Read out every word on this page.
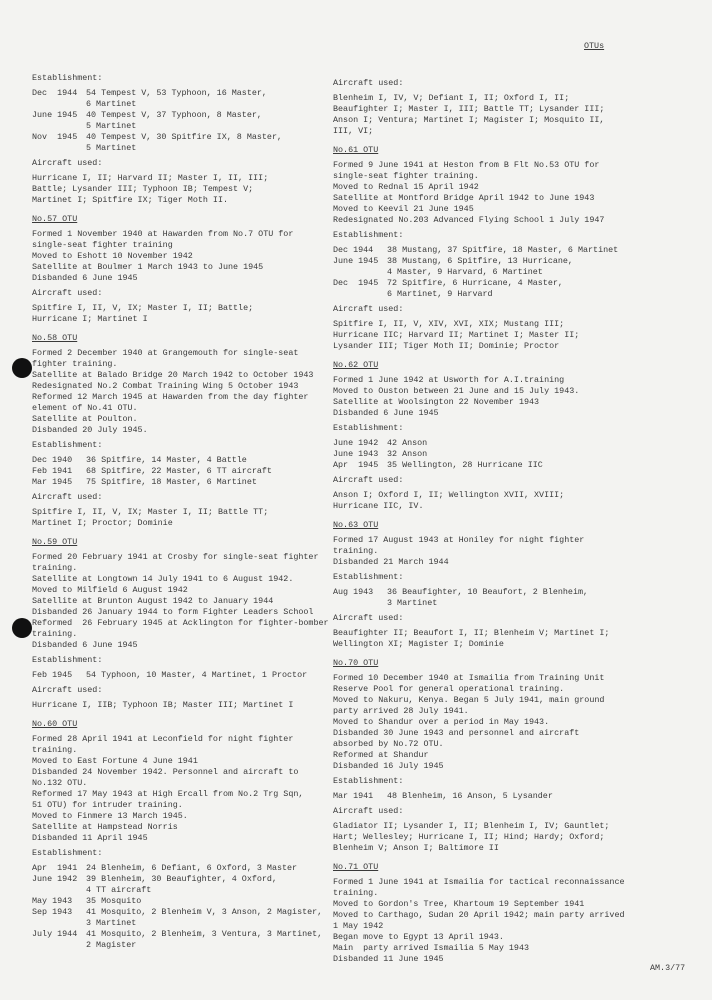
OTUs
Establishment:
Dec  1944	54 Tempest V, 53 Typhoon, 16 Master,
6 Martinet
June 1945	40 Tempest V, 37 Typhoon, 8 Master,
5 Martinet
Nov  1945	40 Tempest V, 30 Spitfire IX, 8 Master,
5 Martinet
Aircraft used:
Hurricane I, II; Harvard II; Master I, II, III;
Battle; Lysander III; Typhoon IB; Tempest V;
Martinet I; Spitfire IX; Tiger Moth II.
No.57 OTU
Formed 1 November 1940 at Hawarden from No.7 OTU for
single-seat fighter training
Moved to Eshott 10 November 1942
Satellite at Boulmer 1 March 1943 to June 1945
Disbanded 6 June 1945
Aircraft used:
Spitfire I, II, V, IX; Master I, II; Battle;
Hurricane I; Martinet I
No.58 OTU
Formed 2 December 1940 at Grangemouth for single-seat
fighter training.
Satellite at Balado Bridge 20 March 1942 to October 1943
Redesignated No.2 Combat Training Wing 5 October 1943
Reformed 12 March 1945 at Hawarden from the day fighter
element of No.41 OTU.
Satellite at Poulton.
Disbanded 20 July 1945.
Establishment:
Dec 1940	36 Spitfire, 14 Master, 4 Battle
Feb 1941	68 Spitfire, 22 Master, 6 TT aircraft
Mar 1945	75 Spitfire, 18 Master, 6 Martinet
Aircraft used:
Spitfire I, II, V, IX; Master I, II; Battle TT;
Martinet I; Proctor; Dominie
No.59 OTU
Formed 20 February 1941 at Crosby for single-seat fighter
training.
Satellite at Longtown 14 July 1941 to 6 August 1942.
Moved to Milfield 6 August 1942
Satellite at Brunton August 1942 to January 1944
Disbanded 26 January 1944 to form Fighter Leaders School
Reformed  26 February 1945 at Acklington for fighter-bomber
training.
Disbanded 6 June 1945
Establishment:
Feb 1945	54 Typhoon, 10 Master, 4 Martinet, 1 Proctor
Aircraft used:
Hurricane I, IIB; Typhoon IB; Master III; Martinet I
No.60 OTU
Formed 28 April 1941 at Leconfield for night fighter
training.
Moved to East Fortune 4 June 1941
Disbanded 24 November 1942. Personnel and aircraft to
No.132 OTU.
Reformed 17 May 1943 at High Ercall from No.2 Trg Sqn,
51 OTU) for intruder training.
Moved to Finmere 13 March 1945.
Satellite at Hampstead Norris
Disbanded 11 April 1945
Establishment:
Apr  1941	24 Blenheim, 6 Defiant, 6 Oxford, 3 Master
June 1942	39 Blenheim, 30 Beaufighter, 4 Oxford,
4 TT aircraft
May 1943	35 Mosquito
Sep 1943	41 Mosquito, 2 Blenheim V, 3 Anson, 2 Magister,
3 Martinet
July 1944	41 Mosquito, 2 Blenheim, 3 Ventura, 3 Martinet,
2 Magister
Aircraft used:
Blenheim I, IV, V; Defiant I, II; Oxford I, II;
Beaufighter I; Master I, III; Battle TT; Lysander III;
Anson I; Ventura; Martinet I; Magister I; Mosquito II,
III, VI;
No.61 OTU
Formed 9 June 1941 at Heston from B Flt No.53 OTU for
single-seat fighter training.
Moved to Rednal 15 April 1942
Satellite at Montford Bridge April 1942 to June 1943
Moved to Keevil 21 June 1945
Redesignated No.203 Advanced Flying School 1 July 1947
Establishment:
Dec 1944	38 Mustang, 37 Spitfire, 18 Master, 6 Martinet
June 1945	38 Mustang, 6 Spitfire, 13 Hurricane,
4 Master, 9 Harvard, 6 Martinet
Dec  1945	72 Spitfire, 6 Hurricane, 4 Master,
6 Martinet, 9 Harvard
Aircraft used:
Spitfire I, II, V, XIV, XVI, XIX; Mustang III;
Hurricane IIC; Harvard II; Martinet I; Master II;
Lysander III; Tiger Moth II; Dominie; Proctor
No.62 OTU
Formed 1 June 1942 at Usworth for A.I.training
Moved to Ouston between 21 June and 15 July 1943.
Satellite at Woolsington 22 November 1943
Disbanded 6 June 1945
Establishment:
June 1942	42 Anson
June 1943	32 Anson
Apr  1945	35 Wellington, 28 Hurricane IIC
Aircraft used:
Anson I; Oxford I, II; Wellington XVII, XVIII;
Hurricane IIC, IV.
No.63 OTU
Formed 17 August 1943 at Honiley for night fighter
training.
Disbanded 21 March 1944
Establishment:
Aug 1943	36 Beaufighter, 10 Beaufort, 2 Blenheim,
3 Martinet
Aircraft used:
Beaufighter II; Beaufort I, II; Blenheim V; Martinet I;
Wellington XI; Magister I; Dominie
No.70 OTU
Formed 10 December 1940 at Ismailia from Training Unit
Reserve Pool for general operational training.
Moved to Nakuru, Kenya. Began 5 July 1941, main ground
party arrived 28 July 1941.
Moved to Shandur over a period in May 1943.
Disbanded 30 June 1943 and personnel and aircraft
absorbed by No.72 OTU.
Reformed at Shandur
Disbanded 16 July 1945
Establishment:
Mar 1941	48 Blenheim, 16 Anson, 5 Lysander
Aircraft used:
Gladiator II; Lysander I, II; Blenheim I, IV; Gauntlet;
Hart; Wellesley; Hurricane I, II; Hind; Hardy; Oxford;
Blenheim V; Anson I; Baltimore II
No.71 OTU
Formed 1 June 1941 at Ismailia for tactical reconnaissance
training.
Moved to Gordon's Tree, Khartoum 19 September 1941
Moved to Carthago, Sudan 20 April 1942; main party arrived
1 May 1942
Began move to Egypt 13 April 1943.
Main  party arrived Ismailia 5 May 1943
Disbanded 11 June 1945
AM.3/77
